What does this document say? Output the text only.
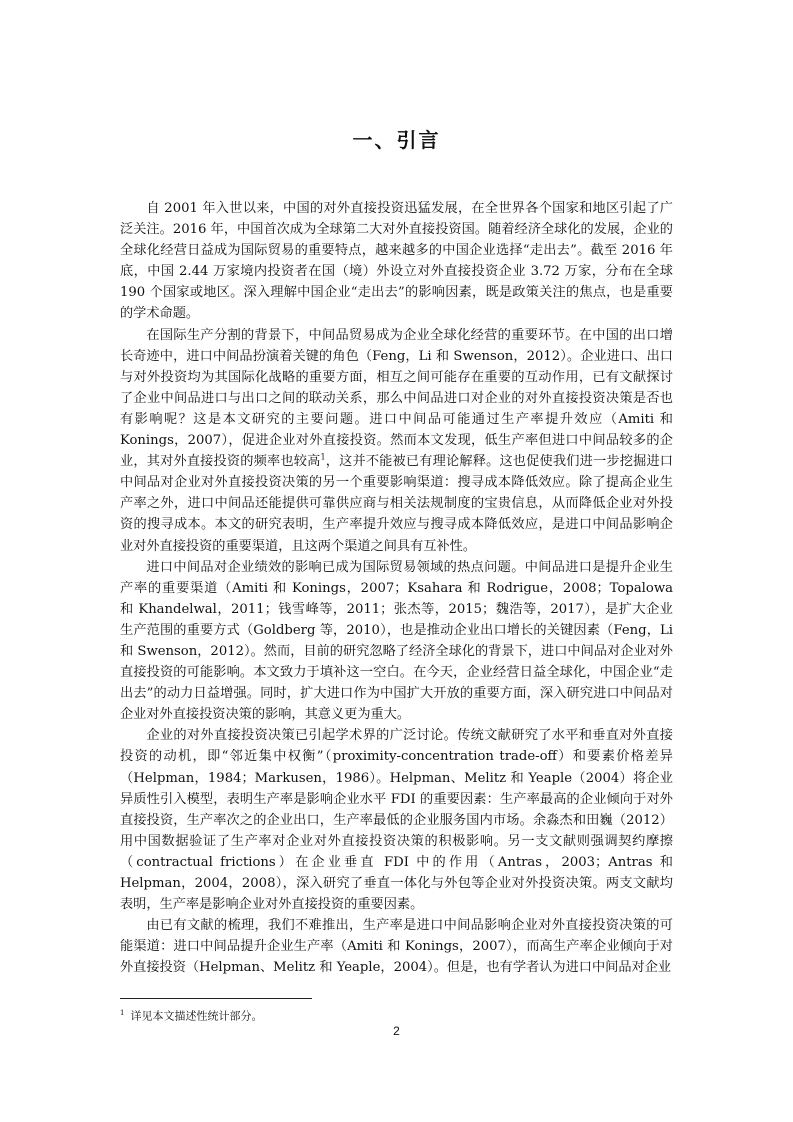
一、引言

自 2001 年入世以来，中国的对外直接投资迅猛发展，在全世界各个国家和地区引起了广泛关注。2016 年，中国首次成为全球第二大对外直接投资国。随着经济全球化的发展，企业的全球化经营日益成为国际贸易的重要特点，越来越多的中国企业选择“走出去”。截至 2016 年底，中国 2.44 万家境内投资者在国（境）外设立对外直接投资企业 3.72 万家，分布在全球 190 个国家或地区。深入理解中国企业“走出去”的影响因素，既是政策关注的焦点，也是重要的学术命题。

在国际生产分割的背景下，中间品贸易成为企业全球化经营的重要环节。在中国的出口增长奇迹中，进口中间品扮演着关键的角色（Feng，Li 和 Swenson，2012）。企业进口、出口与对外投资均为其国际化战略的重要方面，相互之间可能存在重要的互动作用，已有文献探讨了企业中间品进口与出口之间的联动关系，那么中间品进口对企业的对外直接投资决策是否也有影响呢？这是本文研究的主要问题。进口中间品可能通过生产率提升效应（Amiti 和 Konings，2007），促进企业对外直接投资。然而本文发现，低生产率但进口中间品较多的企业，其对外直接投资的频率也较高$^1$，这并不能被已有理论解释。这也促使我们进一步挖掘进口中间品对企业对外直接投资决策的另一个重要影响渠道：搜寻成本降低效应。除了提高企业生产率之外，进口中间品还能提供可靠供应商与相关法规制度的宝贵信息，从而降低企业对外投资的搜寻成本。本文的研究表明，生产率提升效应与搜寻成本降低效应，是进口中间品影响企业对外直接投资的重要渠道，且这两个渠道之间具有互补性。

进口中间品对企业绩效的影响已成为国际贸易领域的热点问题。中间品进口是提升企业生产率的重要渠道（Amiti 和 Konings，2007；Ksahara 和 Rodrigue，2008；Topalowa 和 Khandelwal，2011；钱雪峰等，2011；张杰等，2015；魏浩等，2017），是扩大企业生产范围的重要方式（Goldberg 等，2010），也是推动企业出口增长的关键因素（Feng，Li 和 Swenson，2012）。然而，目前的研究忽略了经济全球化的背景下，进口中间品对企业对外直接投资的可能影响。本文致力于填补这一空白。在今天，企业经营日益全球化，中国企业“走出去”的动力日益增强。同时，扩大进口作为中国扩大开放的重要方面，深入研究进口中间品对企业对外直接投资决策的影响，其意义更为重大。

企业的对外直接投资决策已引起学术界的广泛讨论。传统文献研究了水平和垂直对外直接投资的动机，即“邻近集中权衡”（proximity-concentration trade-off）和要素价格差异（Helpman，1984；Markusen，1986）。Helpman、Melitz 和 Yeaple（2004）将企业异质性引入模型，表明生产率是影响企业水平 FDI 的重要因素：生产率最高的企业倾向于对外直接投资，生产率次之的企业出口，生产率最低的企业服务国内市场。余淼杰和田巍（2012）用中国数据验证了生产率对企业对外直接投资决策的积极影响。另一支文献则强调契约摩擦（contractual frictions）在企业垂直 FDI 中的作用（Antras，2003；Antras 和 Helpman，2004，2008），深入研究了垂直一体化与外包等企业对外投资决策。两支文献均表明，生产率是影响企业对外直接投资的重要因素。

由已有文献的梳理，我们不难推出，生产率是进口中间品影响企业对外直接投资决策的可能渠道：进口中间品提升企业生产率（Amiti 和 Konings，2007），而高生产率企业倾向于对外直接投资（Helpman、Melitz 和 Yeaple，2004）。但是，也有学者认为进口中间品对企业

$^1$ 详见本文描述性统计部分。
2
